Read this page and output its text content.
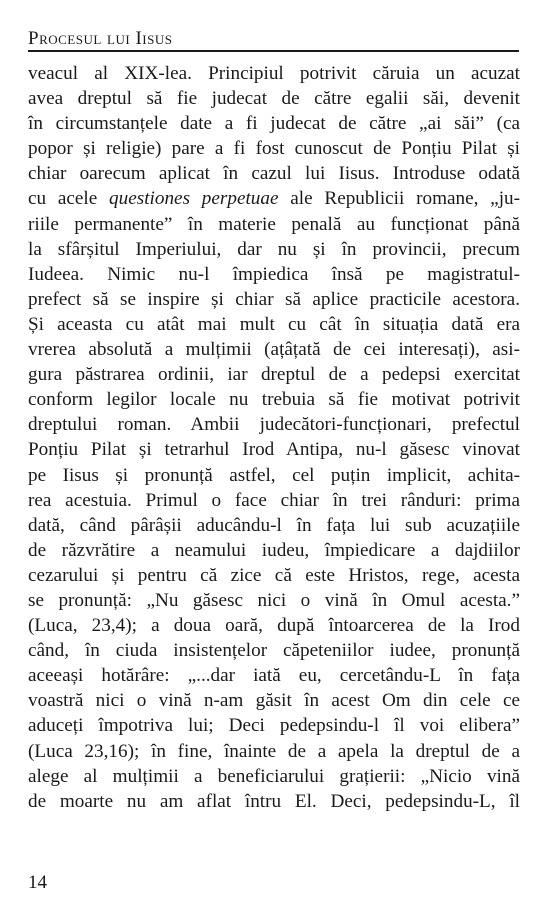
Procesul lui Iisus
veacul al XIX-lea. Principiul potrivit căruia un acuzat
avea dreptul să fie judecat de către egalii săi, devenit
în circumstanțele date a fi judecat de către „ai săi” (ca
popor și religie) pare a fi fost cunoscut de Ponțiu Pilat și
chiar oarecum aplicat în cazul lui Iisus. Introduse odată
cu acele questiones perpetuae ale Republicii romane, „ju-
riile permanente” în materie penală au funcționat până
la sfârșitul Imperiului, dar nu și în provincii, precum
Iudeea. Nimic nu-l împiedica însă pe magistratul-
prefect să se inspire și chiar să aplice practicile acestora.
Și aceasta cu atât mai mult cu cât în situația dată era
vrerea absolută a mulțimii (ațâțată de cei interesați), asi-
gura păstrarea ordinii, iar dreptul de a pedepsi exercitat
conform legilor locale nu trebuia să fie motivat potrivit
dreptului roman. Ambii judecători-funcționari, prefectul
Ponțiu Pilat și tetrarhul Irod Antipa, nu-l găsesc vinovat
pe Iisus și pronunță astfel, cel puțin implicit, achita-
rea acestuia. Primul o face chiar în trei rânduri: prima
dată, când pârâșii aducându-l în fața lui sub acuzațiile
de răzvrătire a neamului iudeu, împiedicare a dajdiilor
cezarului și pentru că zice că este Hristos, rege, acesta
se pronunță: „Nu găsesc nici o vină în Omul acesta.”
(Luca, 23,4); a doua oară, după întoarcerea de la Irod
când, în ciuda insistențelor căpeteniilor iudee, pronunță
aceeași hotărâre: „...dar iată eu, cercetându-L în fața
voastră nici o vină n-am găsit în acest Om din cele ce
aduceți împotriva lui; Deci pedepsindu-l îl voi elibera”
(Luca 23,16); în fine, înainte de a apela la dreptul de a
alege al mulțimii a beneficiarului grațierii: „Nicio vină
de moarte nu am aflat întru El. Deci, pedepsindu-L, îl
14
